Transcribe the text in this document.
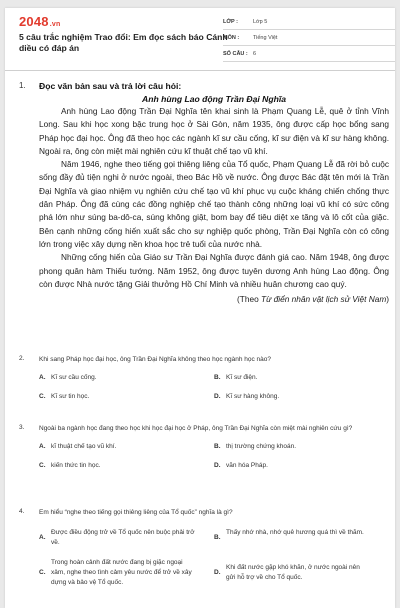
2048.vn
5 câu trắc nghiệm Trao đổi: Em đọc sách báo Cánh diều có đáp án
LỚP :	Lớp 5
MÔN :	Tiếng Việt
SỐ CÂU : 6
1. Đọc văn bản sau và trả lời câu hỏi:
Anh hùng Lao động Trần Đại Nghĩa
Anh hùng Lao động Trần Đại Nghĩa tên khai sinh là Phạm Quang Lễ, quê ở tỉnh Vĩnh Long. Sau khi học xong bậc trung học ở Sài Gòn, năm 1935, ông được cấp học bổng sang Pháp học đại học. Ông đã theo học các ngành kĩ sư cầu cống, kĩ sư điện và kĩ sư hàng không. Ngoài ra, ông còn miệt mài nghiên cứu kĩ thuật chế tạo vũ khí.
Năm 1946, nghe theo tiếng gọi thiêng liêng của Tổ quốc, Phạm Quang Lễ đã rời bỏ cuộc sống đầy đủ tiện nghi ở nước ngoài, theo Bác Hồ về nước. Ông được Bác đặt tên mới là Trần Đại Nghĩa và giao nhiệm vụ nghiên cứu chế tạo vũ khí phục vụ cuộc kháng chiến chống thực dân Pháp. Ông đã cùng các đồng nghiệp chế tạo thành công những loại vũ khí có sức công phá lớn như súng ba-dô-ca, súng không giật, bom bay để tiêu diệt xe tăng và lô cốt của giặc. Bên cạnh những cống hiến xuất sắc cho sự nghiệp quốc phòng, Trần Đại Nghĩa còn có công lớn trong việc xây dựng nền khoa học trẻ tuổi của nước nhà.
Những cống hiến của Giáo sư Trần Đại Nghĩa được đánh giá cao. Năm 1948, ông được phong quân hàm Thiếu tướng. Năm 1952, ông được tuyên dương Anh hùng Lao động. Ông còn được Nhà nước tặng Giải thưởng Hồ Chí Minh và nhiều huân chương cao quý.
(Theo Từ điển nhân vật lịch sử Việt Nam)
2. Khi sang Pháp học đại học, ông Trần Đại Nghĩa không theo học ngành học nào?
A. Kĩ sư cầu cống.	B. Kĩ sư điện.
C. Kĩ sư tin học.	D. Kĩ sư hàng không.
3. Ngoài ba ngành học đang theo học khi học đại học ở Pháp, ông Trần Đại Nghĩa còn miệt mài nghiên cứu gì?
A. kĩ thuật chế tạo vũ khí.	B. thị trường chứng khoán.
C. kiến thức tin học.	D. văn hóa Pháp.
4. Em hiểu “nghe theo tiếng gọi thiêng liêng của Tổ quốc” nghĩa là gì?
A.
Được điều động trở về Tổ quốc nên buộc phải trở về.
B.
Thấy nhớ nhà, nhớ quê hương quá thì về thăm.
C.
Trong hoàn cảnh đất nước đang bị giặc ngoại xâm, nghe theo tình cảm yêu nước để trở về xây dựng và bảo vệ Tổ quốc.
D.
Khi đất nước gặp khó khăn, ở nước ngoài nên gửi hỗ trợ về cho Tổ quốc.
